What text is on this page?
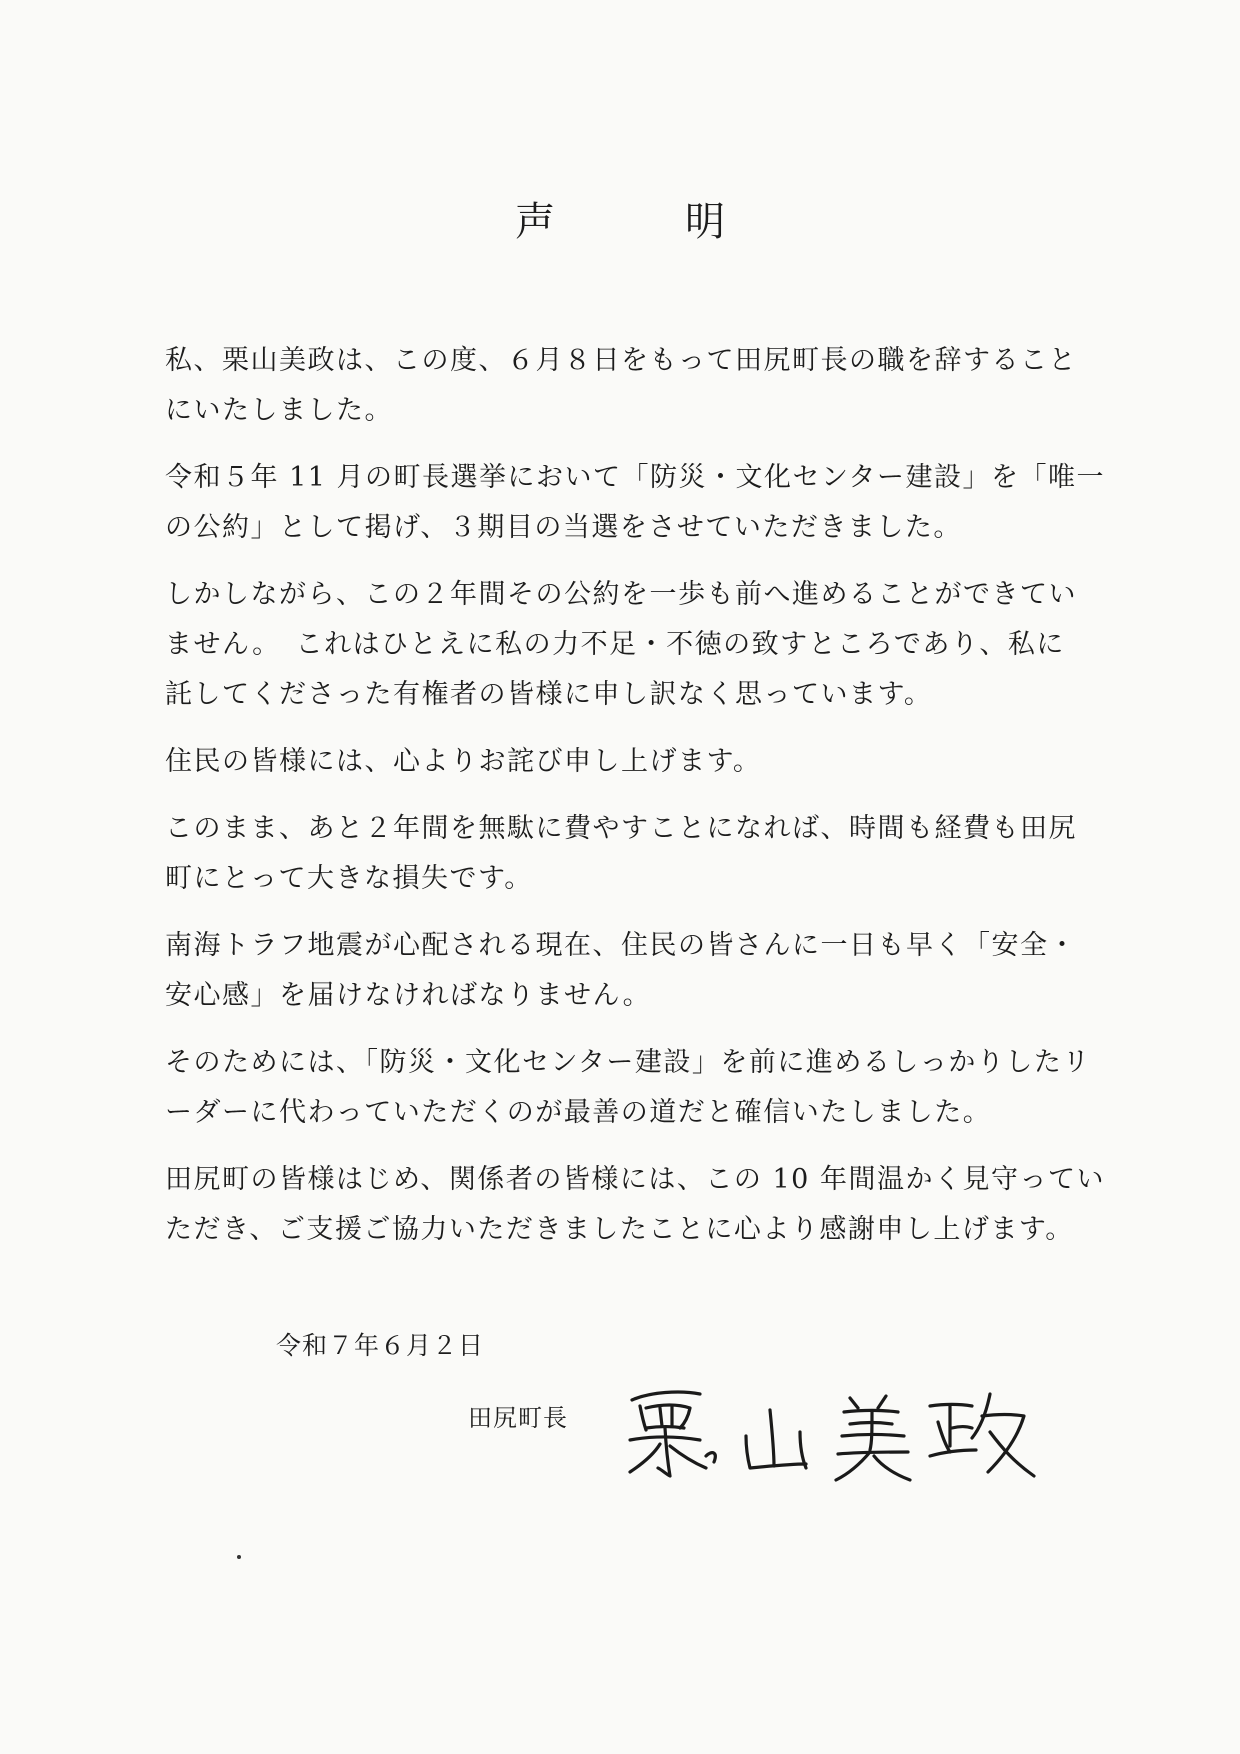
声	明

私、栗山美政は、この度、６月８日をもって田尻町長の職を辞すること
にいたしました。

令和５年 11 月の町長選挙において「防災・文化センター建設」を「唯一
の公約」として掲げ、３期目の当選をさせていただきました。

しかしながら、この２年間その公約を一歩も前へ進めることができてい
ません。　これはひとえに私の力不足・不徳の致すところであり、私に
託してくださった有権者の皆様に申し訳なく思っています。

住民の皆様には、心よりお詫び申し上げます。

このまま、あと２年間を無駄に費やすことになれば、時間も経費も田尻
町にとって大きな損失です。

南海トラフ地震が心配される現在、住民の皆さんに一日も早く「安全・
安心感」を届けなければなりません。

そのためには、「防災・文化センター建設」を前に進めるしっかりしたリ
ーダーに代わっていただくのが最善の道だと確信いたしました。

田尻町の皆様はじめ、関係者の皆様には、この 10 年間温かく見守ってい
ただき、ご支援ご協力いただきましたことに心より感謝申し上げます。

令和７年６月２日
田尻町長
